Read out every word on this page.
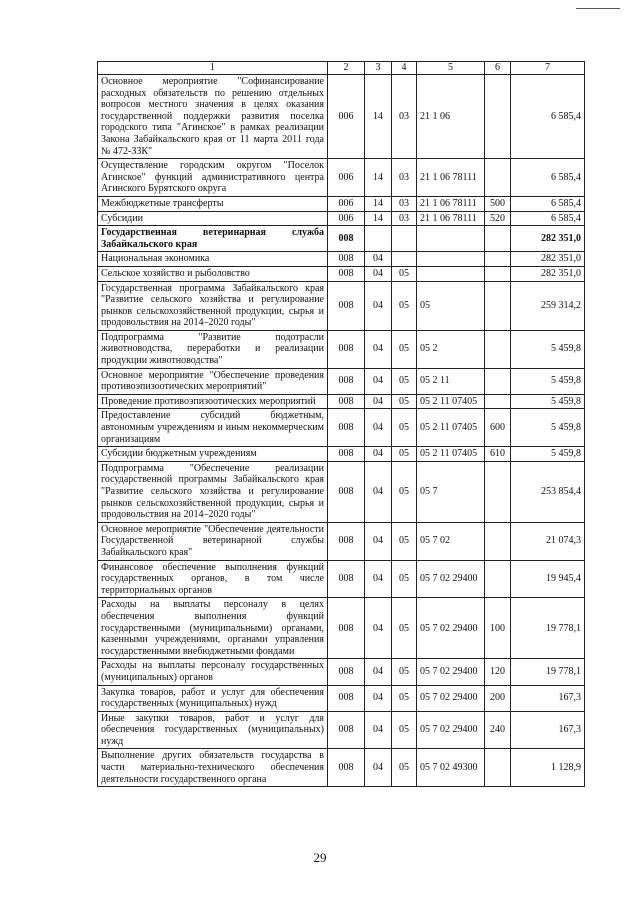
1	2	3	4	5	6	7
Основное мероприятие "Софинансирование расходных обязательств по решению отдельных вопросов местного значения в целях оказания государственной поддержки развития поселка городского типа "Агинское" в рамках реализации Закона Забайкальского края от 11 марта 2011 года № 472-ЗЗК"	006	14	03	21 1 06		6 585,4
Осуществление городским округом "Поселок Агинское" функций административного центра Агинского Бурятского округа	006	14	03	21 1 06 78111		6 585,4
Межбюджетные трансферты	006	14	03	21 1 06 78111	500	6 585,4
Субсидии	006	14	03	21 1 06 78111	520	6 585,4
Государственная ветеринарная служба Забайкальского края	008					282 351,0
Национальная экономика	008	04				282 351,0
Сельское хозяйство и рыболовство	008	04	05			282 351,0
Государственная программа Забайкальского края "Развитие сельского хозяйства и регулирование рынков сельскохозяйственной продукции, сырья и продовольствия на 2014–2020 годы"	008	04	05	05		259 314,2
Подпрограмма "Развитие подотрасли животноводства, переработки и реализации продукции животноводства"	008	04	05	05 2		5 459,8
Основное мероприятие "Обеспечение проведения противоэпизоотических мероприятий"	008	04	05	05 2 11		5 459,8
Проведение противоэпизоотических мероприятий	008	04	05	05 2 11 07405		5 459,8
Предоставление субсидий бюджетным, автономным учреждениям и иным некоммерческим организациям	008	04	05	05 2 11 07405	600	5 459,8
Субсидии бюджетным учреждениям	008	04	05	05 2 11 07405	610	5 459,8
Подпрограмма "Обеспечение реализации государственной программы Забайкальского края "Развитие сельского хозяйства и регулирование рынков сельскохозяйственной продукции, сырья и продовольствия на 2014–2020 годы"	008	04	05	05 7		253 854,4
Основное мероприятие "Обеспечение деятельности Государственной ветеринарной службы Забайкальского края"	008	04	05	05 7 02		21 074,3
Финансовое обеспечение выполнения функций государственных органов, в том числе территориальных органов	008	04	05	05 7 02 29400		19 945,4
Расходы на выплаты персоналу в целях обеспечения выполнения функций государственными (муниципальными) органами, казенными учреждениями, органами управления государственными внебюджетными фондами	008	04	05	05 7 02 29400	100	19 778,1
Расходы на выплаты персоналу государственных (муниципальных) органов	008	04	05	05 7 02 29400	120	19 778,1
Закупка товаров, работ и услуг для обеспечения государственных (муниципальных) нужд	008	04	05	05 7 02 29400	200	167,3
Иные закупки товаров, работ и услуг для обеспечения государственных (муниципальных) нужд	008	04	05	05 7 02 29400	240	167,3
Выполнение других обязательств государства в части материально-технического обеспечения деятельности государственного органа	008	04	05	05 7 02 49300		1 128,9
29
